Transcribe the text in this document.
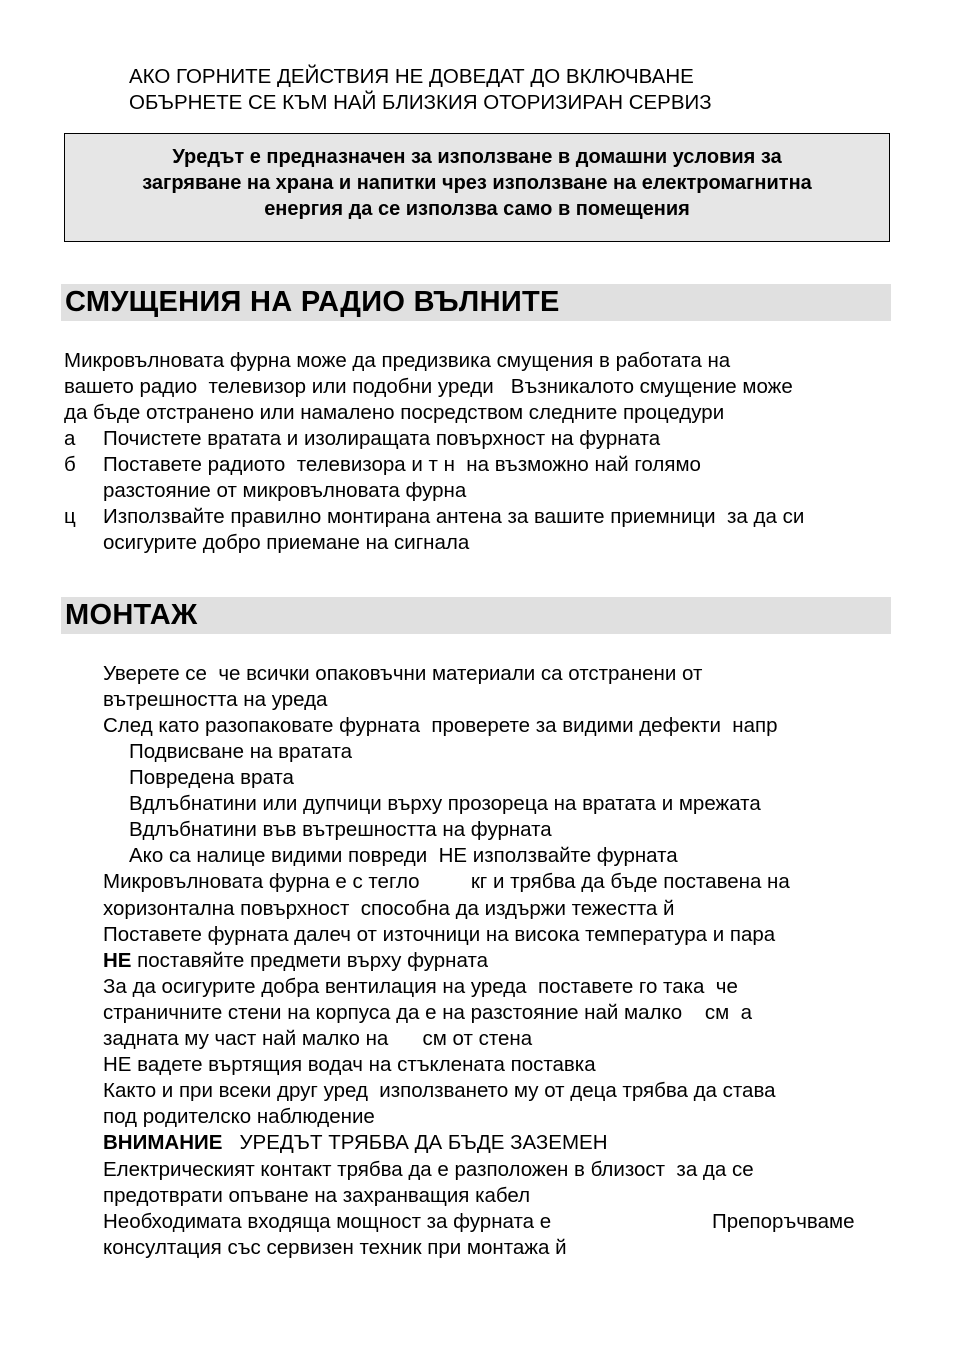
АКО ГОРНИТЕ ДЕЙСТВИЯ НЕ ДОВЕДАТ ДО ВКЛЮЧВАНЕ
ОБЪРНЕТЕ СЕ КЪМ НАЙ БЛИЗКИЯ ОТОРИЗИРАН СЕРВИЗ
Уредът е предназначен за използване в домашни условия за
загряване на храна и напитки чрез използване на електромагнитна
енергия да се използва само в помещения
СМУЩЕНИЯ НА РАДИО ВЪЛНИТЕ
Микровълновата фурна може да предизвика смущения в работата на
вашето радио  телевизор или подобни уреди   Възникалото смущение може
да бъде отстранено или намалено посредством следните процедури
а Почистете вратата и изолиращата повърхност на фурната
б Поставете радиото  телевизора и т н  на възможно най голямо
разстояние от микровълновата фурна
ц Използвайте правилно монтирана антена за вашите приемници  за да си
осигурите добро приемане на сигнала
МОНТАЖ
Уверете се  че всички опаковъчни материали са отстранени от
вътрешността на уреда
След като разопаковате фурната  проверете за видими дефекти  напр
Подвисване на вратата
Повредена врата
Вдлъбнатини или дупчици върху прозореца на вратата и мрежата
Вдлъбнатини във вътрешността на фурната
Ако са налице видими повреди  НЕ използвайте фурната
Микровълновата фурна е с тегло         кг и трябва да бъде поставена на
хоризонтална повърхност  способна да издържи тежестта й
Поставете фурната далеч от източници на висока температура и пара
НЕ поставяйте предмети върху фурната
За да осигурите добра вентилация на уреда  поставете го така  че
страничните стени на корпуса да е на разстояние най малко    см  а
задната му част най малко на      см от стена
НЕ вадете въртящия водач на стъклената поставка
Както и при всеки друг уред  използването му от деца трябва да става
под родителско наблюдение
ВНИМАНИЕ   УРЕДЪТ ТРЯБВА ДА БЪДЕ ЗАЗЕМЕН
Електрическият контакт трябва да е разположен в близост  за да се
предотврати опъване на захранващия кабел
Необходимата входяща мощност за фурната е	Препоръчваме
консултация със сервизен техник при монтажа й
